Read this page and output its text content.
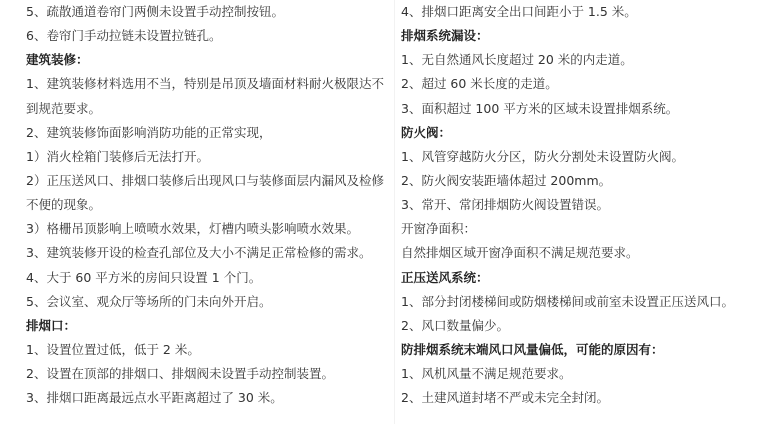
5、疏散通道卷帘门两侧未设置手动控制按钮。
6、卷帘门手动拉链未设置拉链孔。
建筑装修：
1、建筑装修材料选用不当，特别是吊顶及墙面材料耐火极限达不
到规范要求。
2、建筑装修饰面影响消防功能的正常实现，
1）消火栓箱门装修后无法打开。
2）正压送风口、排烟口装修后出现风口与装修面层内漏风及检修
不便的现象。
3）格栅吊顶影响上喷喷水效果，灯槽内喷头影响喷水效果。
3、建筑装修开设的检查孔部位及大小不满足正常检修的需求。
4、大于 60 平方米的房间只设置 1 个门。
5、会议室、观众厅等场所的门未向外开启。
排烟口：
1、设置位置过低，低于 2 米。
2、设置在顶部的排烟口、排烟阀未设置手动控制装置。
3、排烟口距离最远点水平距离超过了 30 米。
4、排烟口距离安全出口间距小于 1.5 米。
排烟系统漏设：
1、无自然通风长度超过 20 米的内走道。
2、超过 60 米长度的走道。
3、面积超过 100 平方米的区域未设置排烟系统。
防火阀：
1、风管穿越防火分区，防火分割处未设置防火阀。
2、防火阀安装距墙体超过 200mm。
3、常开、常闭排烟防火阀设置错误。
开窗净面积：
自然排烟区域开窗净面积不满足规范要求。
正压送风系统：
1、部分封闭楼梯间或防烟楼梯间或前室未设置正压送风口。
2、风口数量偏少。
防排烟系统末端风口风量偏低，可能的原因有：
1、风机风量不满足规范要求。
2、土建风道封堵不严或未完全封闭。
